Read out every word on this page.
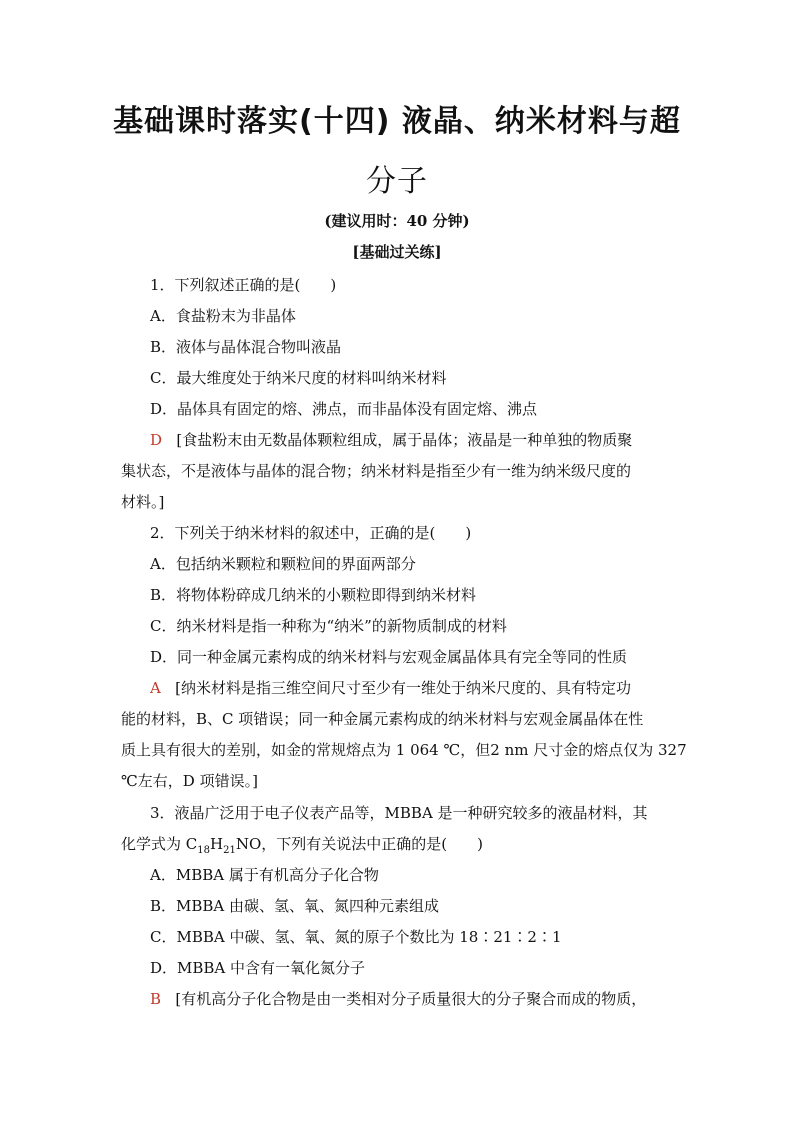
基础课时落实(十四) 液晶、纳米材料与超
分子
(建议用时：40 分钟)
[基础过关练]
1．下列叙述正确的是(　　)
A．食盐粉末为非晶体
B．液体与晶体混合物叫液晶
C．最大维度处于纳米尺度的材料叫纳米材料
D．晶体具有固定的熔、沸点，而非晶体没有固定熔、沸点
D [食盐粉末由无数晶体颗粒组成，属于晶体；液晶是一种单独的物质聚
集状态，不是液体与晶体的混合物；纳米材料是指至少有一维为纳米级尺度的
材料。]
2．下列关于纳米材料的叙述中，正确的是(　　)
A．包括纳米颗粒和颗粒间的界面两部分
B．将物体粉碎成几纳米的小颗粒即得到纳米材料
C．纳米材料是指一种称为“纳米”的新物质制成的材料
D．同一种金属元素构成的纳米材料与宏观金属晶体具有完全等同的性质
A [纳米材料是指三维空间尺寸至少有一维处于纳米尺度的、具有特定功
能的材料，B、C 项错误；同一种金属元素构成的纳米材料与宏观金属晶体在性
质上具有很大的差别，如金的常规熔点为 1 064 ℃，但2 nm 尺寸金的熔点仅为 327
℃左右，D 项错误。]
3．液晶广泛用于电子仪表产品等，MBBA 是一种研究较多的液晶材料，其
化学式为 $C_{18}H_{21}NO$，下列有关说法中正确的是(　　)
A．MBBA 属于有机高分子化合物
B．MBBA 由碳、氢、氧、氮四种元素组成
C．MBBA 中碳、氢、氧、氮的原子个数比为 18∶21∶2∶1
D．MBBA 中含有一氧化氮分子
B [有机高分子化合物是由一类相对分子质量很大的分子聚合而成的物质，
